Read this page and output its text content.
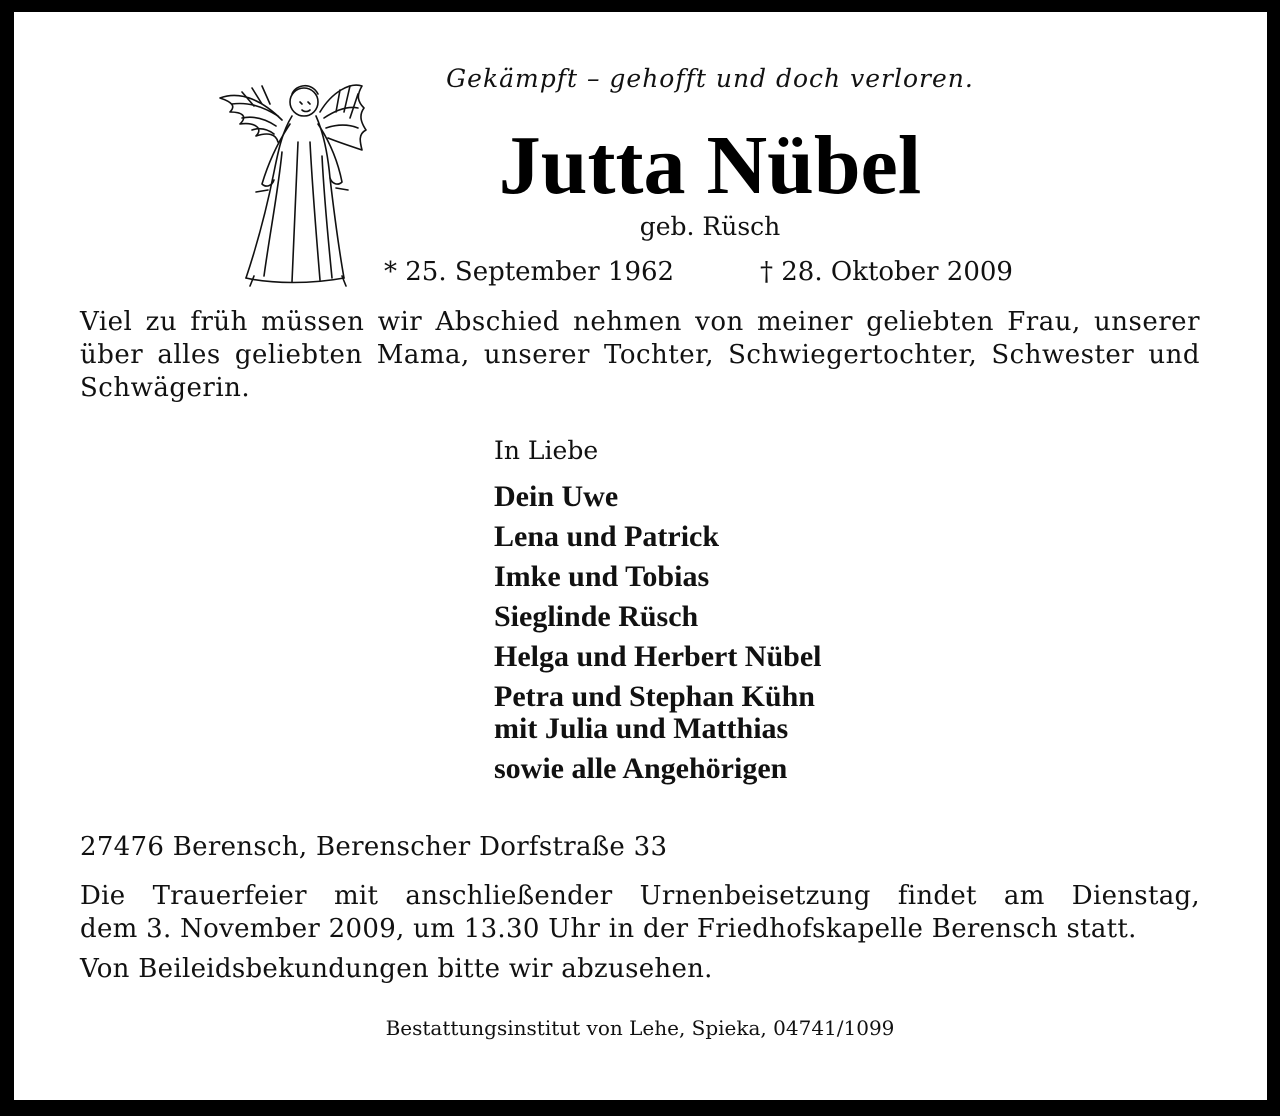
Gekämpft – gehofft und doch verloren.

Jutta Nübel

geb. Rüsch

* 25. September 1962	† 28. Oktober 2009

Viel zu früh müssen wir Abschied nehmen von meiner geliebten Frau, unserer über alles geliebten Mama, unserer Tochter, Schwiegertochter, Schwester und Schwägerin.

In Liebe

Dein Uwe
Lena und Patrick
Imke und Tobias
Sieglinde Rüsch
Helga und Herbert Nübel
Petra und Stephan Kühn
mit Julia und Matthias
sowie alle Angehörigen

27476 Berensch, Berenscher Dorfstraße 33

Die Trauerfeier mit anschließender Urnenbeisetzung findet am Dienstag,
dem 3. November 2009, um 13.30 Uhr in der Friedhofskapelle Berensch statt.

Von Beileidsbekundungen bitte wir abzusehen.

Bestattungsinstitut von Lehe, Spieka, 04741/1099
